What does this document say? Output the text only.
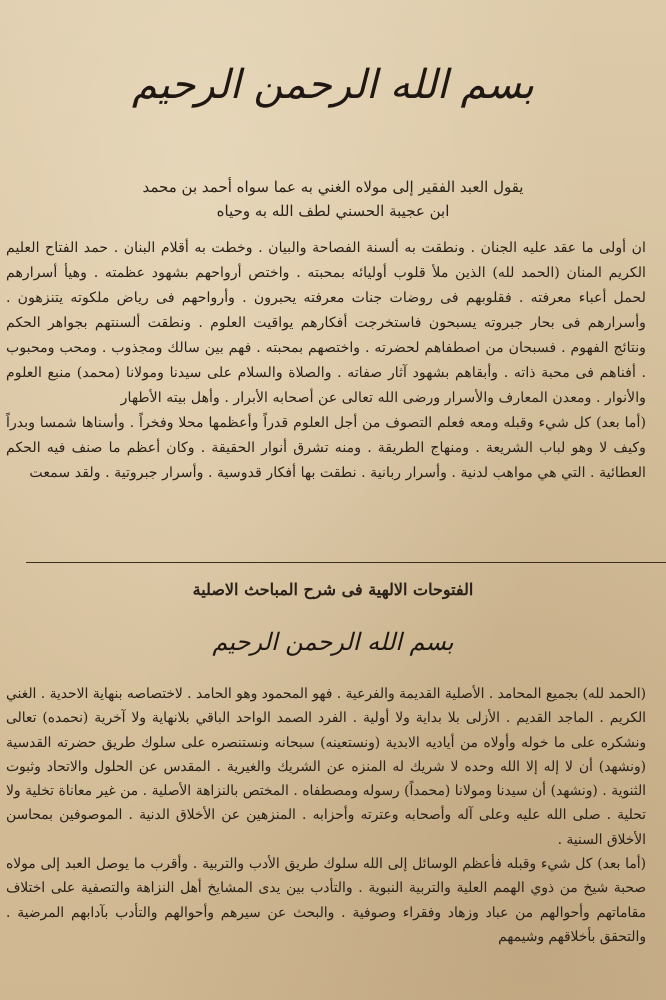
بسم الله الرحمن الرحيم
يقول العبد الفقير إلى مولاه الغني به عما سواه أحمد بن محمد
ابن عجيبة الحسني لطف الله به وحياه

ان أولى ما عقد عليه الجنان . ونطقت به ألسنة الفصاحة والبيان . وخطت به أقلام البنان . حمد الفتاح العليم الكريم المنان (الحمد لله) الذين ملأ قلوب أوليائه بمحبته . واختص أرواحهم بشهود عظمته . وهيأ أسرارهم لحمل أعباء معرفته . فقلوبهم فى روضات جنات معرفته يحبرون . وأرواحهم فى رياض ملكوته يتنزهون . وأسرارهم فى بحار جبروته يسبحون فاستخرجت أفكارهم يواقيت العلوم . ونطقت ألسنتهم بجواهر الحكم ونتائج الفهوم . فسبحان من اصطفاهم لحضرته . واختصهم بمحبته . فهم بين سالك ومجذوب . ومحب ومحبوب . أفناهم فى محبة ذاته . وأبقاهم بشهود آثار صفاته . والصلاة والسلام على سيدنا ومولانا (محمد) منبع العلوم والأنوار . ومعدن المعارف والأسرار ورضى الله تعالى عن أصحابه الأبرار . وأهل بيته الأطهار

(أما بعد) كل شيء وقبله ومعه فعلم التصوف من أجل العلوم قدراً وأعظمها محلا وفخراً . وأسناها شمسا وبدراً وكيف لا وهو لباب الشريعة . ومنهاج الطريقة . ومنه تشرق أنوار الحقيقة . وكان أعظم ما صنف فيه الحكم العطائية . التي هي مواهب لدنية . وأسرار ربانية . نطقت بها أفكار قدوسية . وأسرار جبروتية . ولقد سمعت

الفتوحات الالهية فى شرح المباحث الاصلية
بسم الله الرحمن الرحيم

(الحمد لله) بجميع المحامد . الأصلية القديمة والفرعية . فهو المحمود وهو الحامد . لاختصاصه بنهاية الاحدية . الغني الكريم . الماجد القديم . الأزلى بلا بداية ولا أولية . الفرد الصمد الواحد الباقي بلانهاية ولا آخرية (نحمده) تعالى ونشكره على ما خوله وأولاه من أياديه الابدية (ونستعينه) سبحانه ونستنصره على سلوك طريق حضرته القدسية (ونشهد) أن لا إله إلا الله وحده لا شريك له المنزه عن الشريك والغيرية . المقدس عن الحلول والاتحاد وثبوت الثنوية . (ونشهد) أن سيدنا ومولانا (محمداً) رسوله ومصطفاه . المختص بالنزاهة الأصلية . من غير معاناة تخلية ولا تحلية . صلى الله عليه وعلى آله وأصحابه وعترته وأحزابه . المنزهين عن الأخلاق الدنية . الموصوفين بمحاسن الأخلاق السنية .

(أما بعد) كل شيء وقبله فأعظم الوسائل إلى الله سلوك طريق الأدب والتربية . وأقرب ما يوصل العبد إلى مولاه صحبة شيخ من ذوي الهمم العلية والتربية النبوية . والتأدب بين يدى المشايخ أهل النزاهة والتصفية على اختلاف مقاماتهم وأحوالهم من عباد وزهاد وفقراء وصوفية . والبحث عن سيرهم وأحوالهم والتأدب بآدابهم المرضية . والتحقق بأخلاقهم وشيمهم
